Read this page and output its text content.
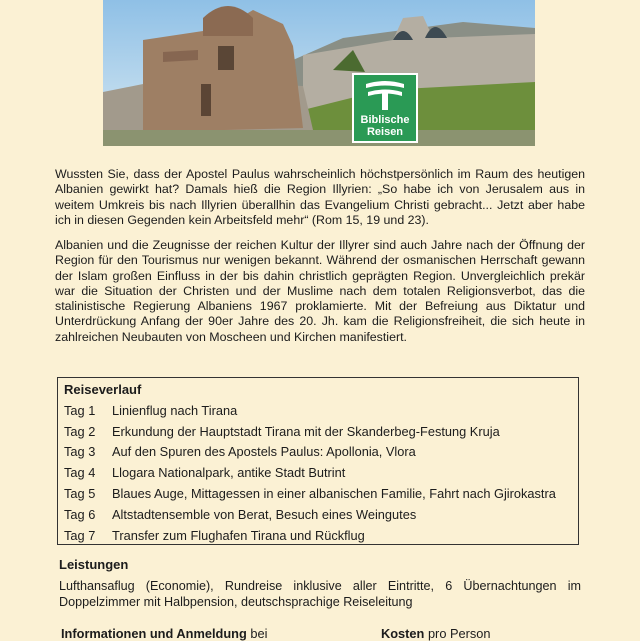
Biblische
Reisen

Wussten Sie, dass der Apostel Paulus wahrscheinlich höchstpersönlich im Raum des heutigen Albanien gewirkt hat? Damals hieß die Region Illyrien: „So habe ich von Jerusalem aus in weitem Umkreis bis nach Illyrien überallhin das Evangelium Christi gebracht... Jetzt aber habe ich in diesen Gegenden kein Arbeitsfeld mehr“ (Rom 15, 19 und 23).

Albanien und die Zeugnisse der reichen Kultur der Illyrer sind auch Jahre nach der Öffnung der Region für den Tourismus nur wenigen bekannt. Während der osmanischen Herrschaft gewann der Islam großen Einfluss in der bis dahin christlich geprägten Region. Unvergleichlich prekär war die Situation der Christen und der Muslime nach dem totalen Religionsverbot, das die stalinistische Regierung Albaniens 1967 proklamierte. Mit der Befreiung aus Diktatur und Unterdrückung Anfang der 90er Jahre des 20. Jh. kam die Religionsfreiheit, die sich heute in zahlreichen Neubauten von Moscheen und Kirchen manifestiert.

Reiseverlauf

Tag 1	Linienflug nach Tirana
Tag 2	Erkundung der Hauptstadt Tirana mit der Skanderbeg-Festung Kruja
Tag 3	Auf den Spuren des Apostels Paulus: Apollonia, Vlora
Tag 4	Llogara Nationalpark, antike Stadt Butrint
Tag 5	Blaues Auge, Mittagessen in einer albanischen Familie, Fahrt nach Gjirokastra
Tag 6	Altstadtensemble von Berat, Besuch eines Weingutes
Tag 7	Transfer zum Flughafen Tirana und Rückflug

Leistungen

Lufthansaflug (Economie), Rundreise inklusive aller Eintritte, 6 Übernachtungen im Doppelzimmer mit Halbpension, deutschsprachige Reiseleitung

Informationen und Anmeldung bei	Kosten pro Person
